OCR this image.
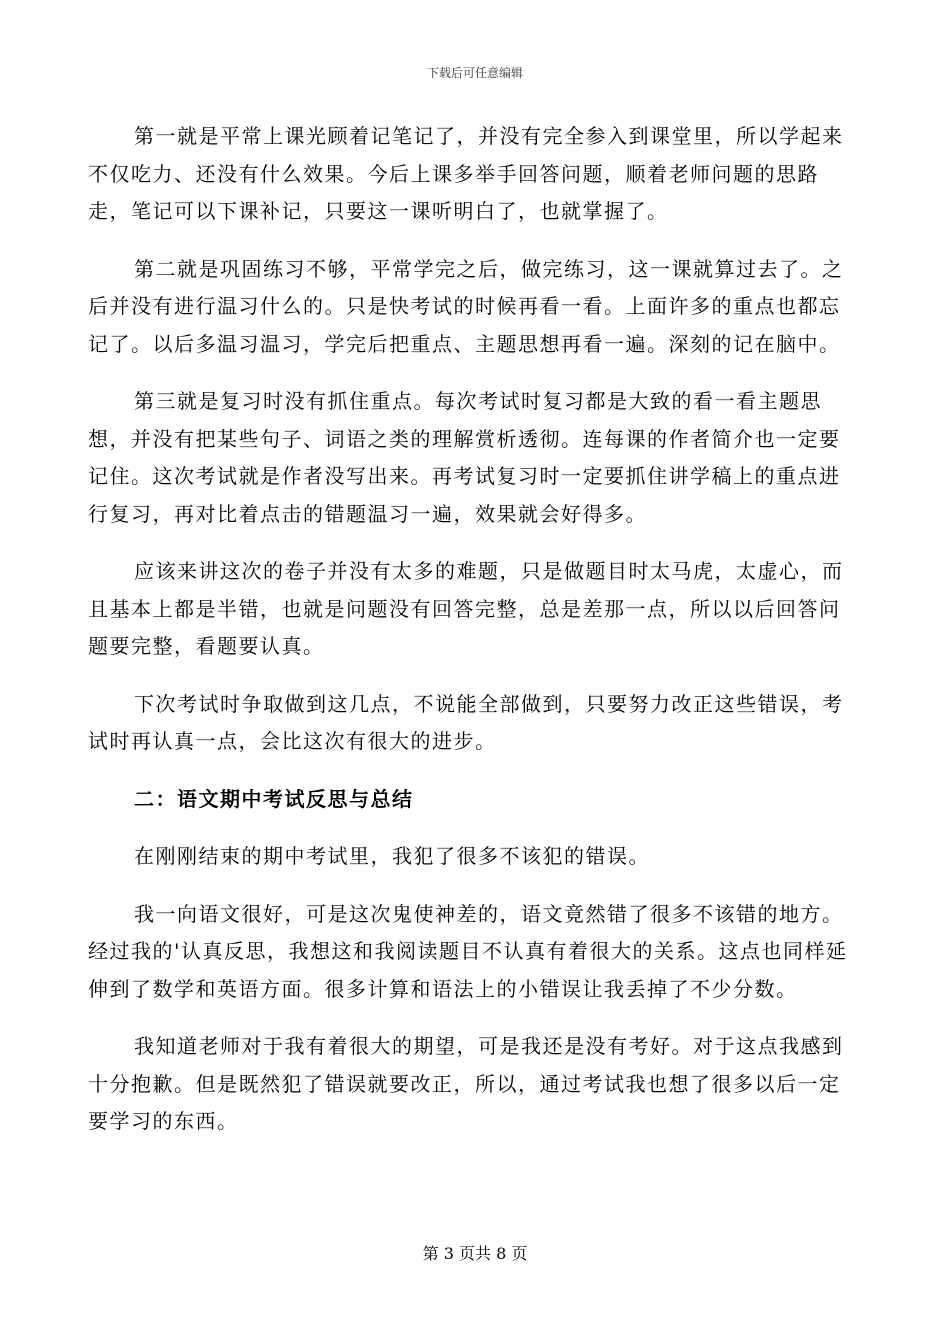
下载后可任意编辑

第一就是平常上课光顾着记笔记了，并没有完全参入到课堂里，所以学起来不仅吃力、还没有什么效果。今后上课多举手回答问题，顺着老师问题的思路走，笔记可以下课补记，只要这一课听明白了，也就掌握了。

第二就是巩固练习不够，平常学完之后，做完练习，这一课就算过去了。之后并没有进行温习什么的。只是快考试的时候再看一看。上面许多的重点也都忘记了。以后多温习温习，学完后把重点、主题思想再看一遍。深刻的记在脑中。

第三就是复习时没有抓住重点。每次考试时复习都是大致的看一看主题思想，并没有把某些句子、词语之类的理解赏析透彻。连每课的作者简介也一定要记住。这次考试就是作者没写出来。再考试复习时一定要抓住讲学稿上的重点进行复习，再对比着点击的错题温习一遍，效果就会好得多。

应该来讲这次的卷子并没有太多的难题，只是做题目时太马虎，太虚心，而且基本上都是半错，也就是问题没有回答完整，总是差那一点，所以以后回答问题要完整，看题要认真。

下次考试时争取做到这几点，不说能全部做到，只要努力改正这些错误，考试时再认真一点，会比这次有很大的进步。

二：语文期中考试反思与总结

在刚刚结束的期中考试里，我犯了很多不该犯的错误。

我一向语文很好，可是这次鬼使神差的，语文竟然错了很多不该错的地方。经过我的'认真反思，我想这和我阅读题目不认真有着很大的关系。这点也同样延伸到了数学和英语方面。很多计算和语法上的小错误让我丢掉了不少分数。

我知道老师对于我有着很大的期望，可是我还是没有考好。对于这点我感到十分抱歉。但是既然犯了错误就要改正，所以，通过考试我也想了很多以后一定要学习的东西。

第 3 页共 8 页
